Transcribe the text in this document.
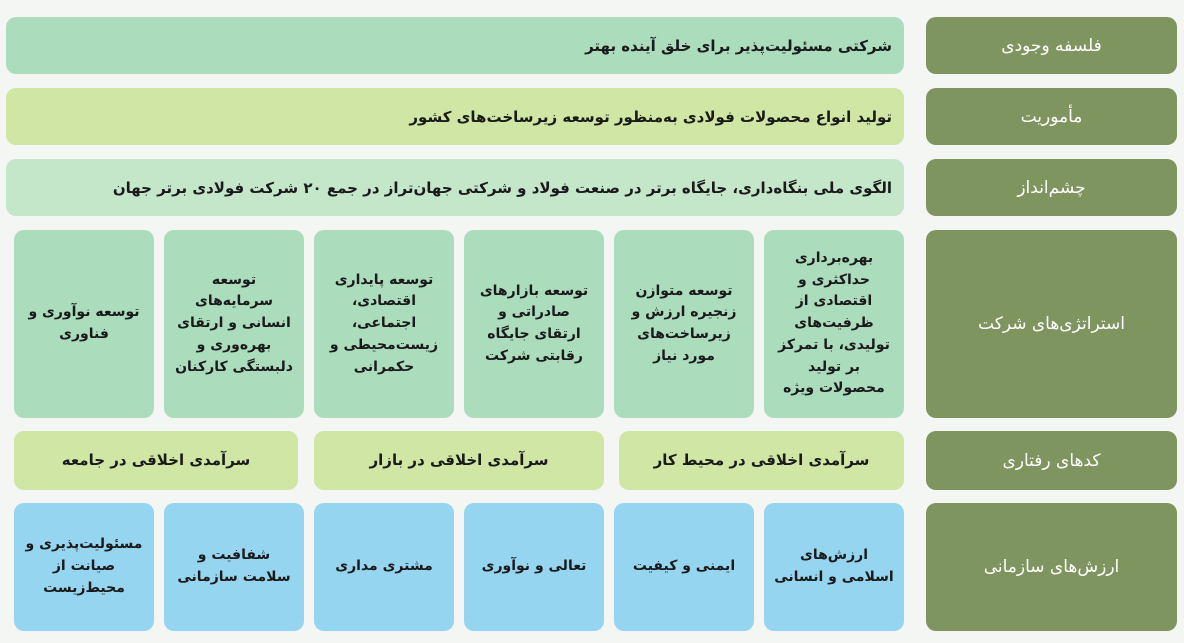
فلسفه وجودی
شرکتی مسئولیت‌پذیر برای خلق آینده بهتر
مأموریت
تولید انواع محصولات فولادی به‌منظور توسعه زیرساخت‌های کشور
چشم‌انداز
الگوی ملی بنگاه‌داری، جایگاه برتر در صنعت فولاد و شرکتی جهان‌تراز در جمع ۲۰ شرکت فولادی برتر جهان
استراتژی‌های شرکت
بهره‌برداری حداکثری و اقتصادی از ظرفیت‌های تولیدی، با تمرکز بر تولید محصولات ویژه
توسعه متوازن زنجیره ارزش و زیرساخت‌های مورد نیاز
توسعه بازارهای صادراتی و ارتقای جایگاه رقابتی شرکت
توسعه پایداری اقتصادی، اجتماعی، زیست‌محیطی و حکمرانی
توسعه سرمایه‌های انسانی و ارتقای بهره‌وری و دلبستگی کارکنان
توسعه نوآوری و فناوری
کدهای رفتاری
سرآمدی اخلاقی در محیط کار
سرآمدی اخلاقی در بازار
سرآمدی اخلاقی در جامعه
ارزش‌های سازمانی
ارزش‌های اسلامی و انسانی
ایمنی و کیفیت
تعالی و نوآوری
مشتری مداری
شفافیت و سلامت سازمانی
مسئولیت‌پذیری و صیانت از محیط‌زیست
